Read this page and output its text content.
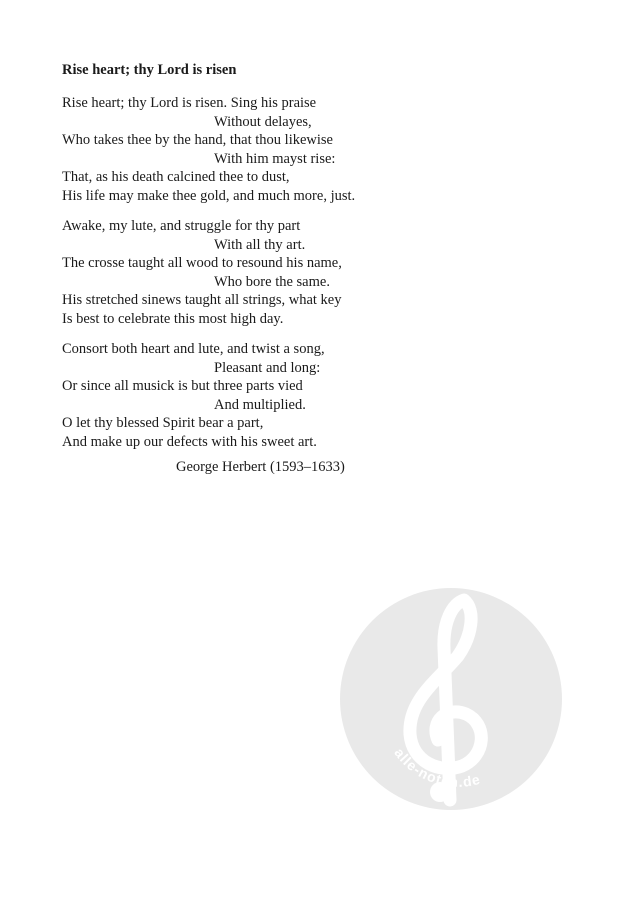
Rise heart; thy Lord is risen
Rise heart; thy Lord is risen. Sing his praise
Without delayes,
Who takes thee by the hand, that thou likewise
With him mayst rise:
That, as his death calcined thee to dust,
His life may make thee gold, and much more, just.
Awake, my lute, and struggle for thy part
With all thy art.
The crosse taught all wood to resound his name,
Who bore the same.
His stretched sinews taught all strings, what key
Is best to celebrate this most high day.
Consort both heart and lute, and twist a song,
Pleasant and long:
Or since all musick is but three parts vied
And multiplied.
O let thy blessed Spirit bear a part,
And make up our defects with his sweet art.
George Herbert (1593–1633)
alle-noten.de
